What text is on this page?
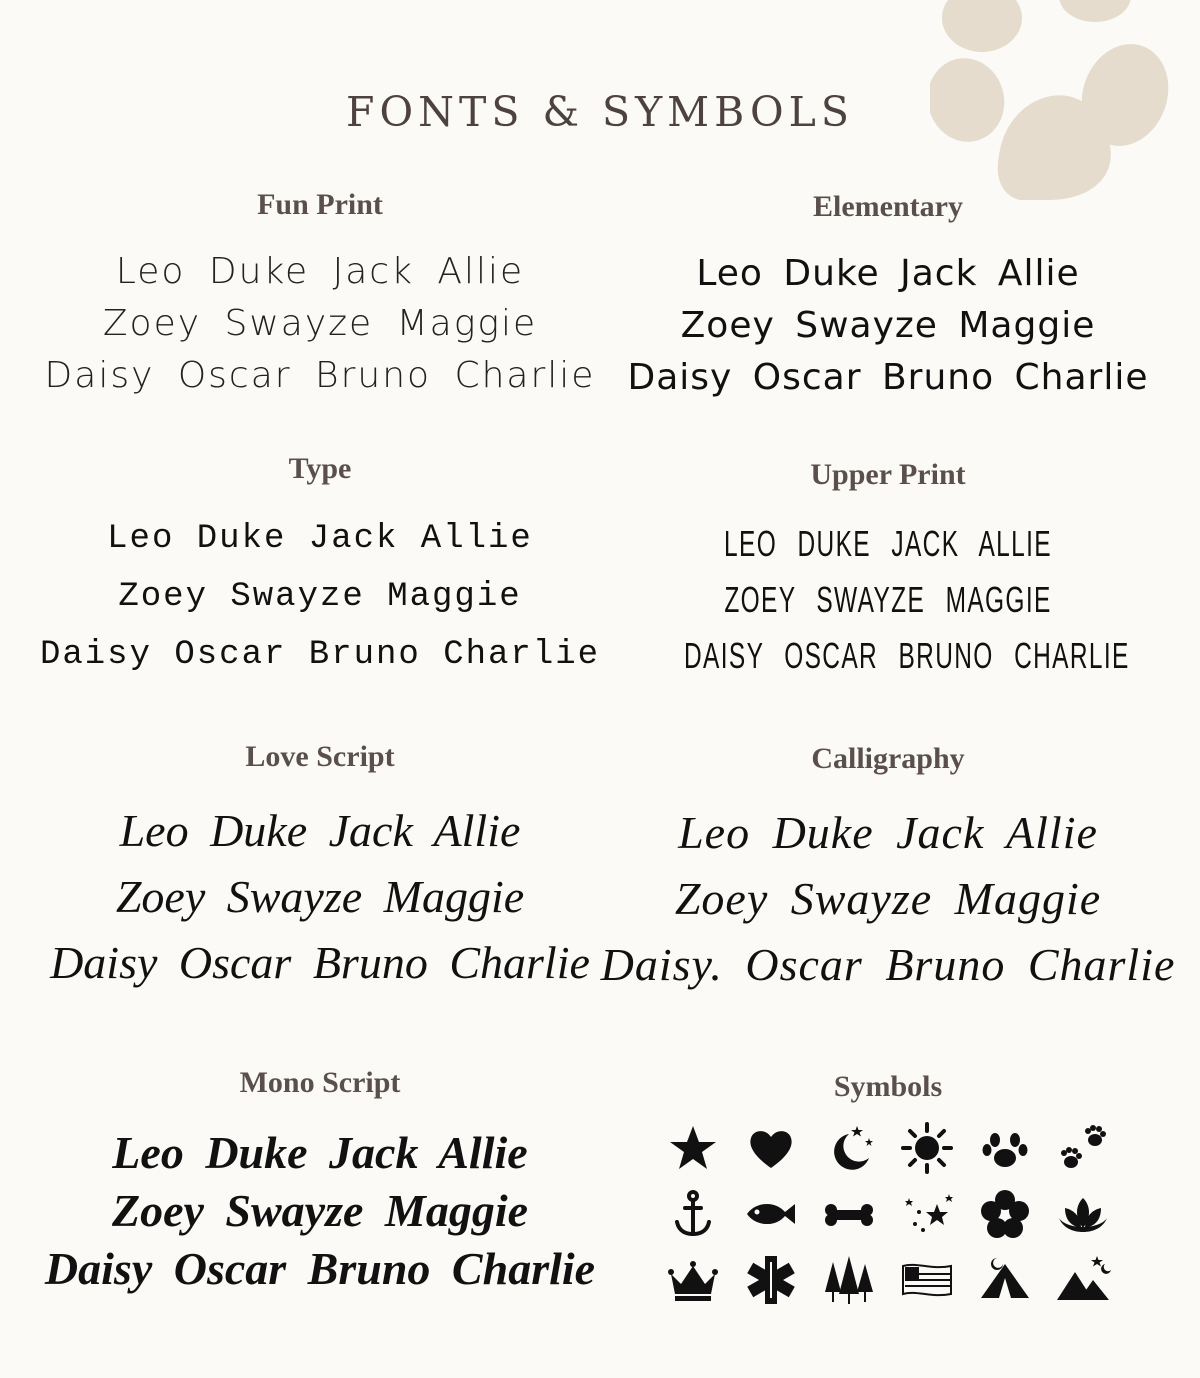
FONTS & SYMBOLS
Fun Print
Leo Duke Jack Allie
Zoey Swayze Maggie
Daisy Oscar Bruno Charlie
Elementary
Leo Duke Jack Allie
Zoey Swayze Maggie
Daisy Oscar Bruno Charlie
Type
Leo Duke Jack Allie
Zoey Swayze Maggie
Daisy Oscar Bruno Charlie
Upper Print
LEO DUKE JACK ALLIE
ZOEY SWAYZE MAGGIE
DAISY OSCAR BRUNO CHARLIE
Love Script
Leo Duke Jack Allie
Zoey Swayze Maggie
Daisy Oscar Bruno Charlie
Calligraphy
Leo Duke Jack Allie
Zoey Swayze Maggie
Daisy. Oscar Bruno Charlie
Mono Script
Leo Duke Jack Allie
Zoey Swayze Maggie
Daisy Oscar Bruno Charlie
Symbols
